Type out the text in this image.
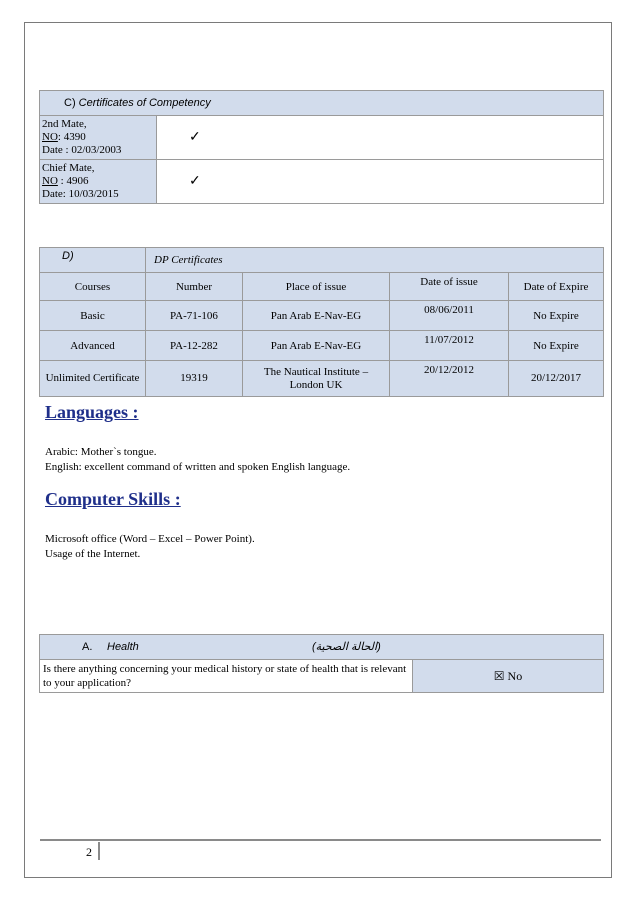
C) Certificates of Competency	

2nd Mate,
NO: 4390
Date : 02/03/2003	✓

Chief Mate,
NO : 4906
Date: 10/03/2015	✓
D)	DP Certificates			
Courses	Number	Place of issue	Date of issue	Date of Expire
Basic	PA-71-106	Pan Arab E-Nav-EG	08/06/2011	No Expire
Advanced	PA-12-282	Pan Arab E-Nav-EG	11/07/2012	No Expire
Unlimited Certificate	19319	The Nautical Institute – London UK	20/12/2012	20/12/2017
Languages :
Arabic: Mother`s tongue.
English: excellent command of written and spoken English language.
Computer Skills :
Microsoft office (Word – Excel – Power Point).
Usage of the Internet.
A. Health	(الحالة الصحية)

Is there anything concerning your medical history or state of health that is relevant to your application?	☒ No
2
